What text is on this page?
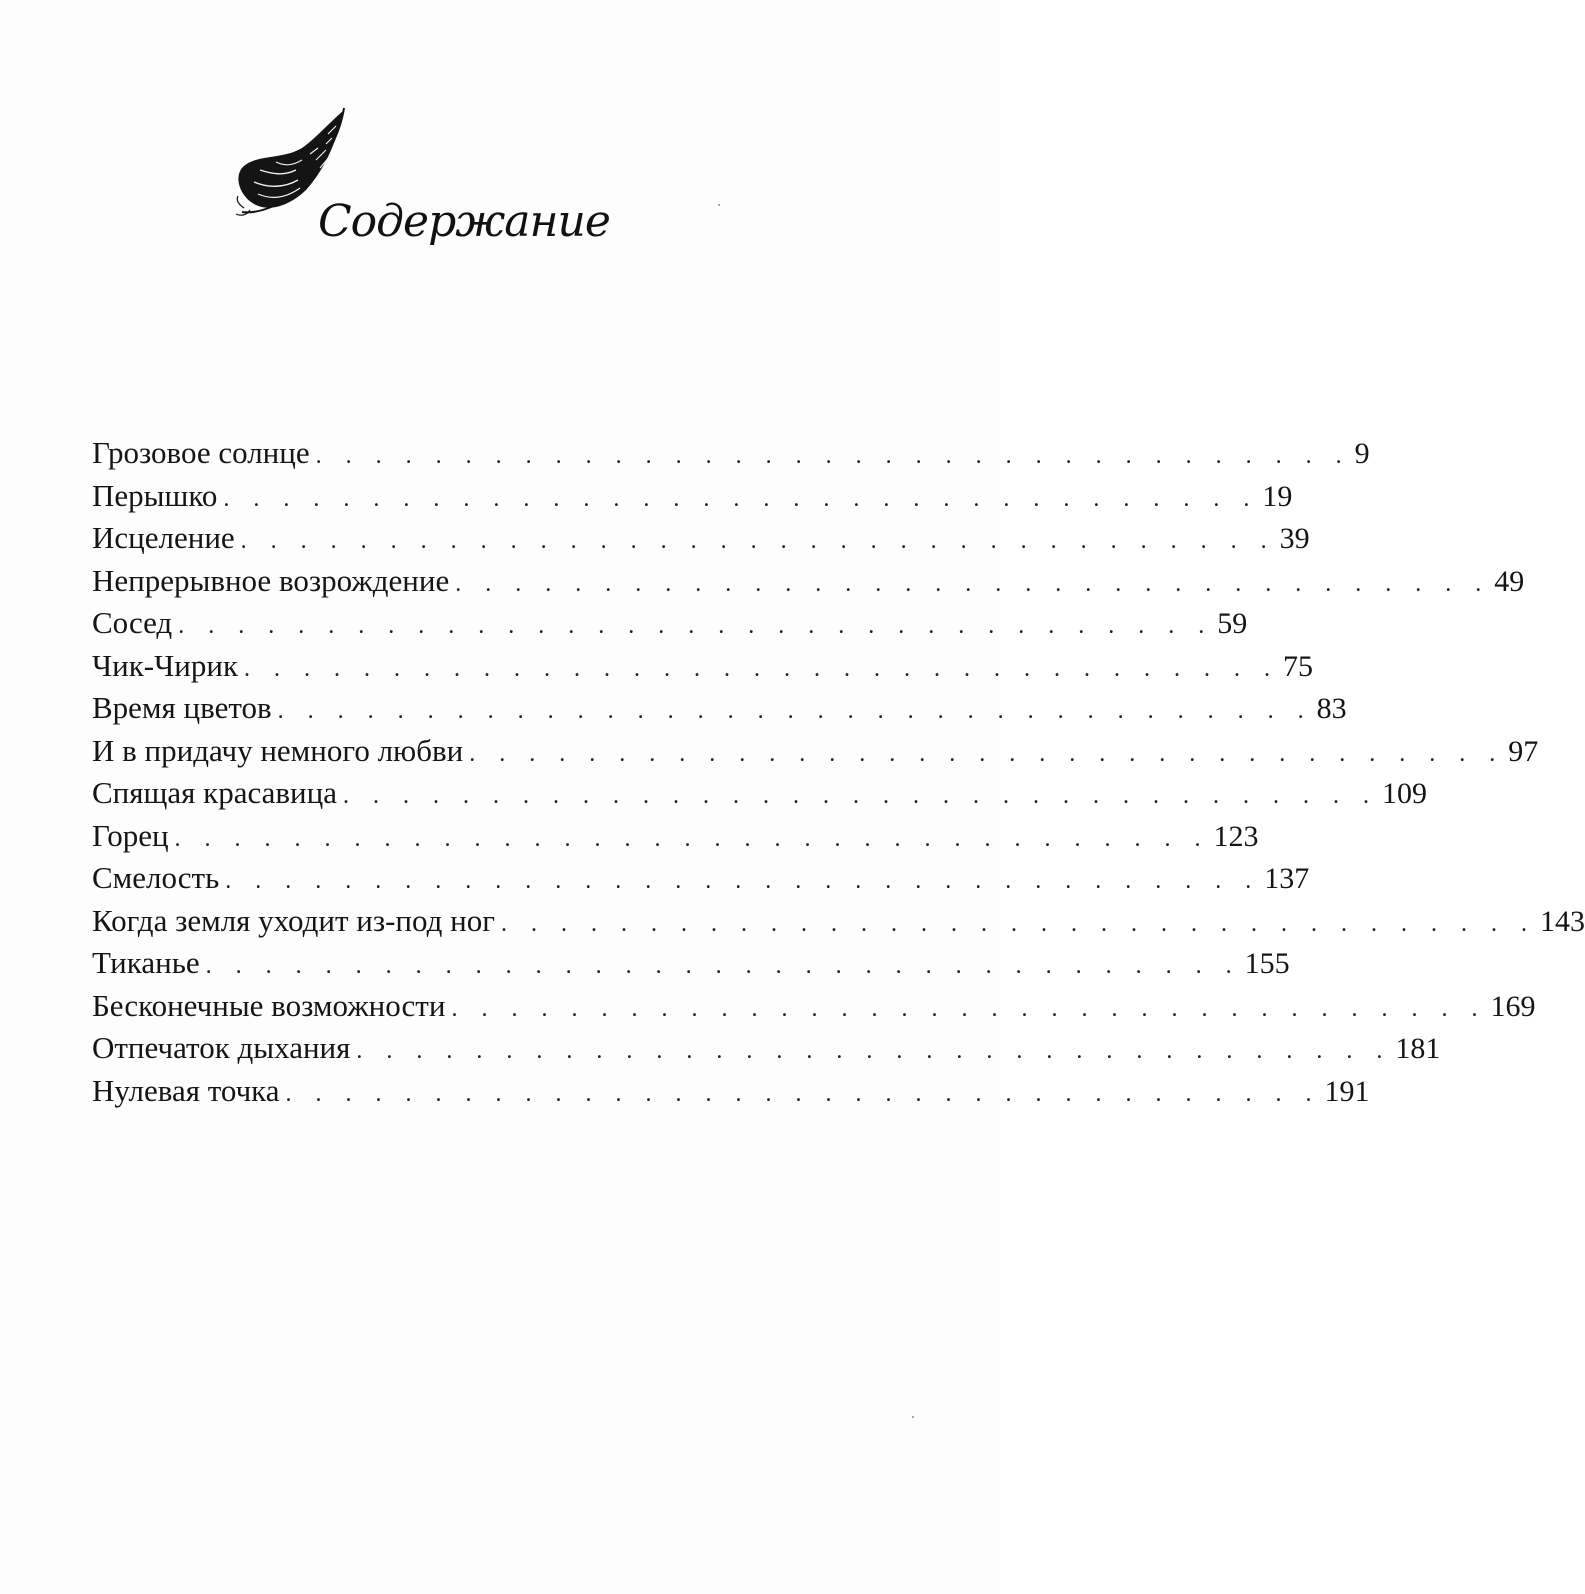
Содержание
Грозовое солнце . . . . . . . . . . . . . . . . . . . . . . . . . . . . . . . . . . . 9
Перышко . . . . . . . . . . . . . . . . . . . . . . . . . . . . . . . . . . . 19
Исцеление . . . . . . . . . . . . . . . . . . . . . . . . . . . . . . . . . . . 39
Непрерывное возрождение . . . . . . . . . . . . . . . . . . . . . . . . . . . . . . . . . . . 49
Сосед . . . . . . . . . . . . . . . . . . . . . . . . . . . . . . . . . . . 59
Чик-Чирик . . . . . . . . . . . . . . . . . . . . . . . . . . . . . . . . . . . 75
Время цветов . . . . . . . . . . . . . . . . . . . . . . . . . . . . . . . . . . . 83
И в придачу немного любви . . . . . . . . . . . . . . . . . . . . . . . . . . . . . . . . . . . 97
Спящая красавица . . . . . . . . . . . . . . . . . . . . . . . . . . . . . . . . . . . 109
Горец . . . . . . . . . . . . . . . . . . . . . . . . . . . . . . . . . . . 123
Смелость . . . . . . . . . . . . . . . . . . . . . . . . . . . . . . . . . . . 137
Когда земля уходит из-под ног . . . . . . . . . . . . . . . . . . . . . . . . . . . . . . . . . . . 143
Тиканье . . . . . . . . . . . . . . . . . . . . . . . . . . . . . . . . . . . 155
Бесконечные возможности . . . . . . . . . . . . . . . . . . . . . . . . . . . . . . . . . . . 169
Отпечаток дыхания . . . . . . . . . . . . . . . . . . . . . . . . . . . . . . . . . . . 181
Нулевая точка . . . . . . . . . . . . . . . . . . . . . . . . . . . . . . . . . . . 191
